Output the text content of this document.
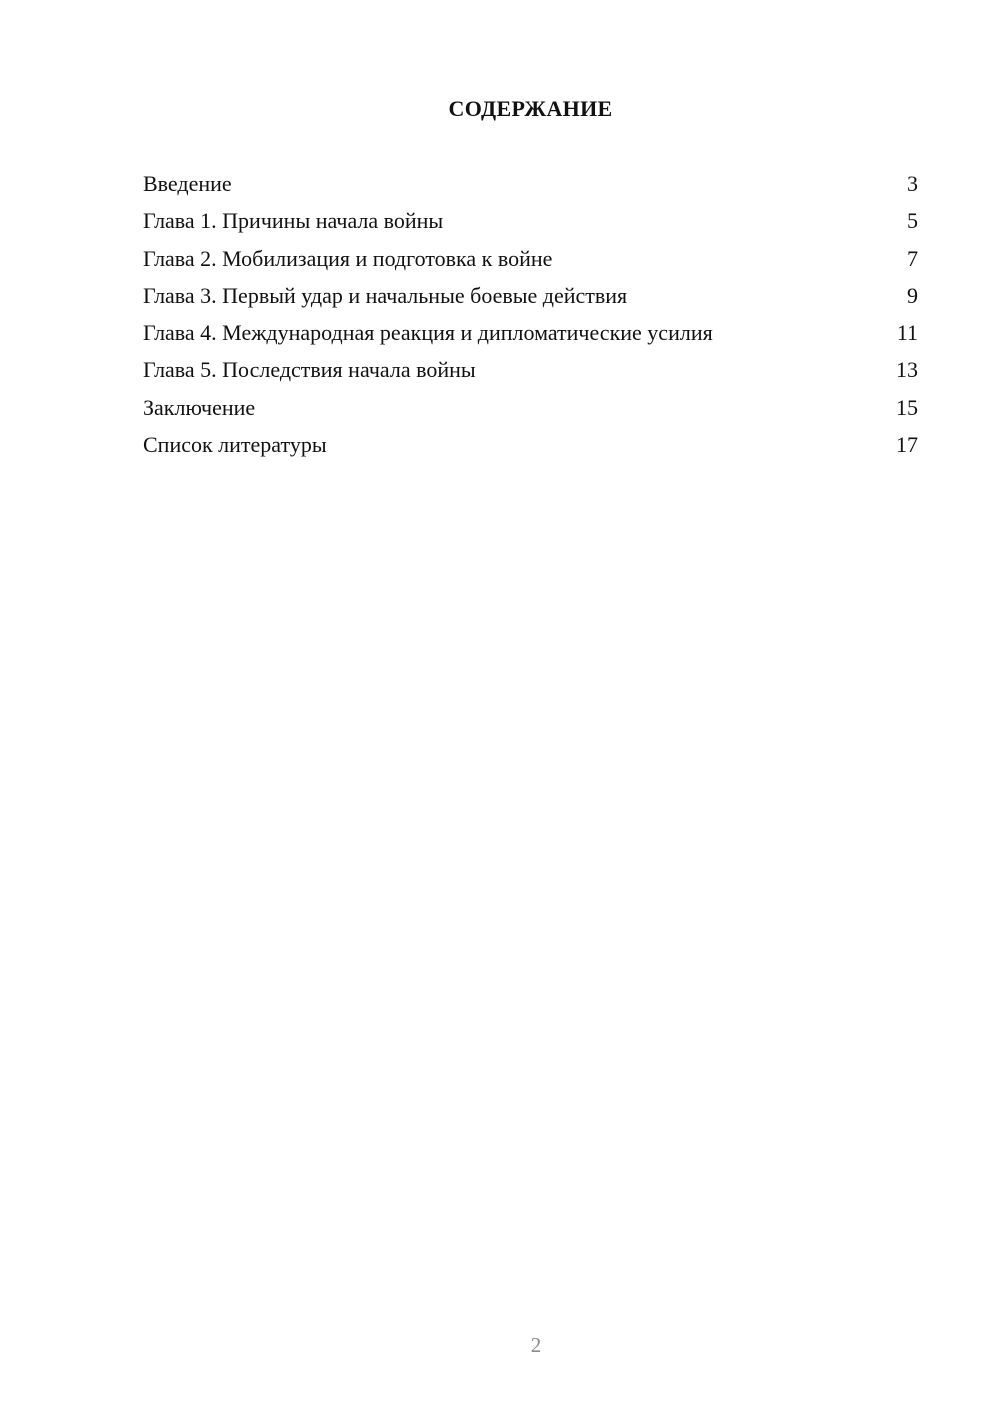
СОДЕРЖАНИЕ
Введение	3
Глава 1. Причины начала войны	5
Глава 2. Мобилизация и подготовка к войне	7
Глава 3. Первый удар и начальные боевые действия	9
Глава 4. Международная реакция и дипломатические усилия	11
Глава 5. Последствия начала войны	13
Заключение	15
Список литературы	17
2
